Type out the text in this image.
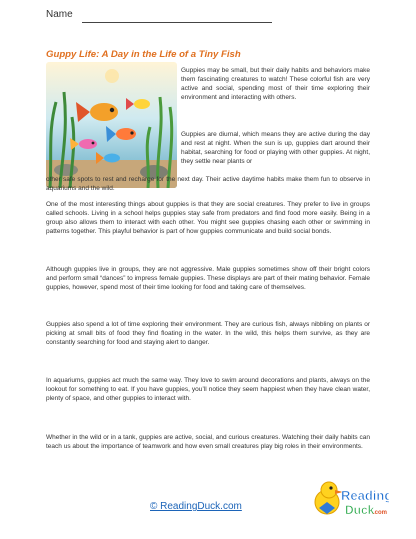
Name
Guppy Life: A Day in the Life of a Tiny Fish
Guppies may be small, but their daily habits and behaviors make them fascinating creatures to watch! These colorful fish are very active and social, spending most of their time exploring their environment and interacting with others.
Guppies are diurnal, which means they are active during the day and rest at night. When the sun is up, guppies dart around their habitat, searching for food or playing with other guppies. At night, they settle near plants or
other safe spots to rest and recharge for the next day. Their active daytime habits make them fun to observe in aquariums and the wild.
One of the most interesting things about guppies is that they are social creatures. They prefer to live in groups called schools. Living in a school helps guppies stay safe from predators and find food more easily. Being in a group also allows them to interact with each other. You might see guppies chasing each other or swimming in patterns together. This playful behavior is part of how guppies communicate and build social bonds.
Although guppies live in groups, they are not aggressive. Male guppies sometimes show off their bright colors and perform small “dances” to impress female guppies. These displays are part of their mating behavior. Female guppies, however, spend most of their time looking for food and taking care of themselves.
Guppies also spend a lot of time exploring their environment. They are curious fish, always nibbling on plants or picking at small bits of food they find floating in the water. In the wild, this helps them survive, as they are constantly searching for food and staying alert to danger.
In aquariums, guppies act much the same way. They love to swim around decorations and plants, always on the lookout for something to eat. If you have guppies, you’ll notice they seem happiest when they have clean water, plenty of space, and other guppies to interact with.
Whether in the wild or in a tank, guppies are active, social, and curious creatures. Watching their daily habits can teach us about the importance of teamwork and how even small creatures play big roles in their environments.
© ReadingDuck.com
Reading
Duck
.com
